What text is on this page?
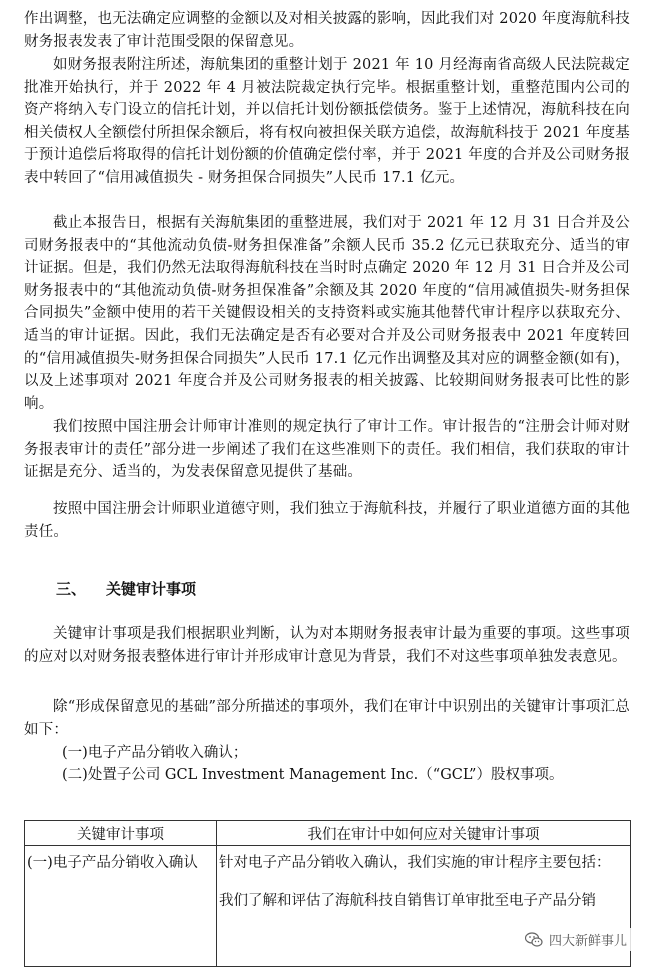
作出调整，也无法确定应调整的金额以及对相关披露的影响，因此我们对 2020 年度海航科技财务报表发表了审计范围受限的保留意见。

如财务报表附注所述，海航集团的重整计划于 2021 年 10 月经海南省高级人民法院裁定批准开始执行，并于 2022 年 4 月被法院裁定执行完毕。根据重整计划，重整范围内公司的资产将纳入专门设立的信托计划，并以信托计划份额抵偿债务。鉴于上述情况，海航科技在向相关债权人全额偿付所担保余额后，将有权向被担保关联方追偿，故海航科技于 2021 年度基于预计追偿后将取得的信托计划份额的价值确定偿付率，并于 2021 年度的合并及公司财务报表中转回了“信用减值损失 - 财务担保合同损失”人民币 17.1 亿元。

截止本报告日，根据有关海航集团的重整进展，我们对于 2021 年 12 月 31 日合并及公司财务报表中的“其他流动负债-财务担保准备”余额人民币 35.2 亿元已获取充分、适当的审计证据。但是，我们仍然无法取得海航科技在当时时点确定 2020 年 12 月 31 日合并及公司财务报表中的“其他流动负债-财务担保准备”余额及其 2020 年度的“信用减值损失-财务担保合同损失”金额中使用的若干关键假设相关的支持资料或实施其他替代审计程序以获取充分、适当的审计证据。因此，我们无法确定是否有必要对合并及公司财务报表中 2021 年度转回的“信用减值损失-财务担保合同损失”人民币 17.1 亿元作出调整及其对应的调整金额(如有)，以及上述事项对 2021 年度合并及公司财务报表的相关披露、比较期间财务报表可比性的影响。

我们按照中国注册会计师审计准则的规定执行了审计工作。审计报告的“注册会计师对财务报表审计的责任”部分进一步阐述了我们在这些准则下的责任。我们相信，我们获取的审计证据是充分、适当的，为发表保留意见提供了基础。

按照中国注册会计师职业道德守则，我们独立于海航科技，并履行了职业道德方面的其他责任。

三、 关键审计事项

关键审计事项是我们根据职业判断，认为对本期财务报表审计最为重要的事项。这些事项的应对以对财务报表整体进行审计并形成审计意见为背景，我们不对这些事项单独发表意见。

除“形成保留意见的基础”部分所描述的事项外，我们在审计中识别出的关键审计事项汇总如下：

(一)电子产品分销收入确认；

(二)处置子公司 GCL Investment Management Inc.（“GCL”）股权事项。

关键审计事项	我们在审计中如何应对关键审计事项

(一)电子产品分销收入确认	针对电子产品分销收入确认，我们实施的审计程序主要包括：

我们了解和评估了海航科技自销售订单审批至电子产品分销

四大新鲜事儿
